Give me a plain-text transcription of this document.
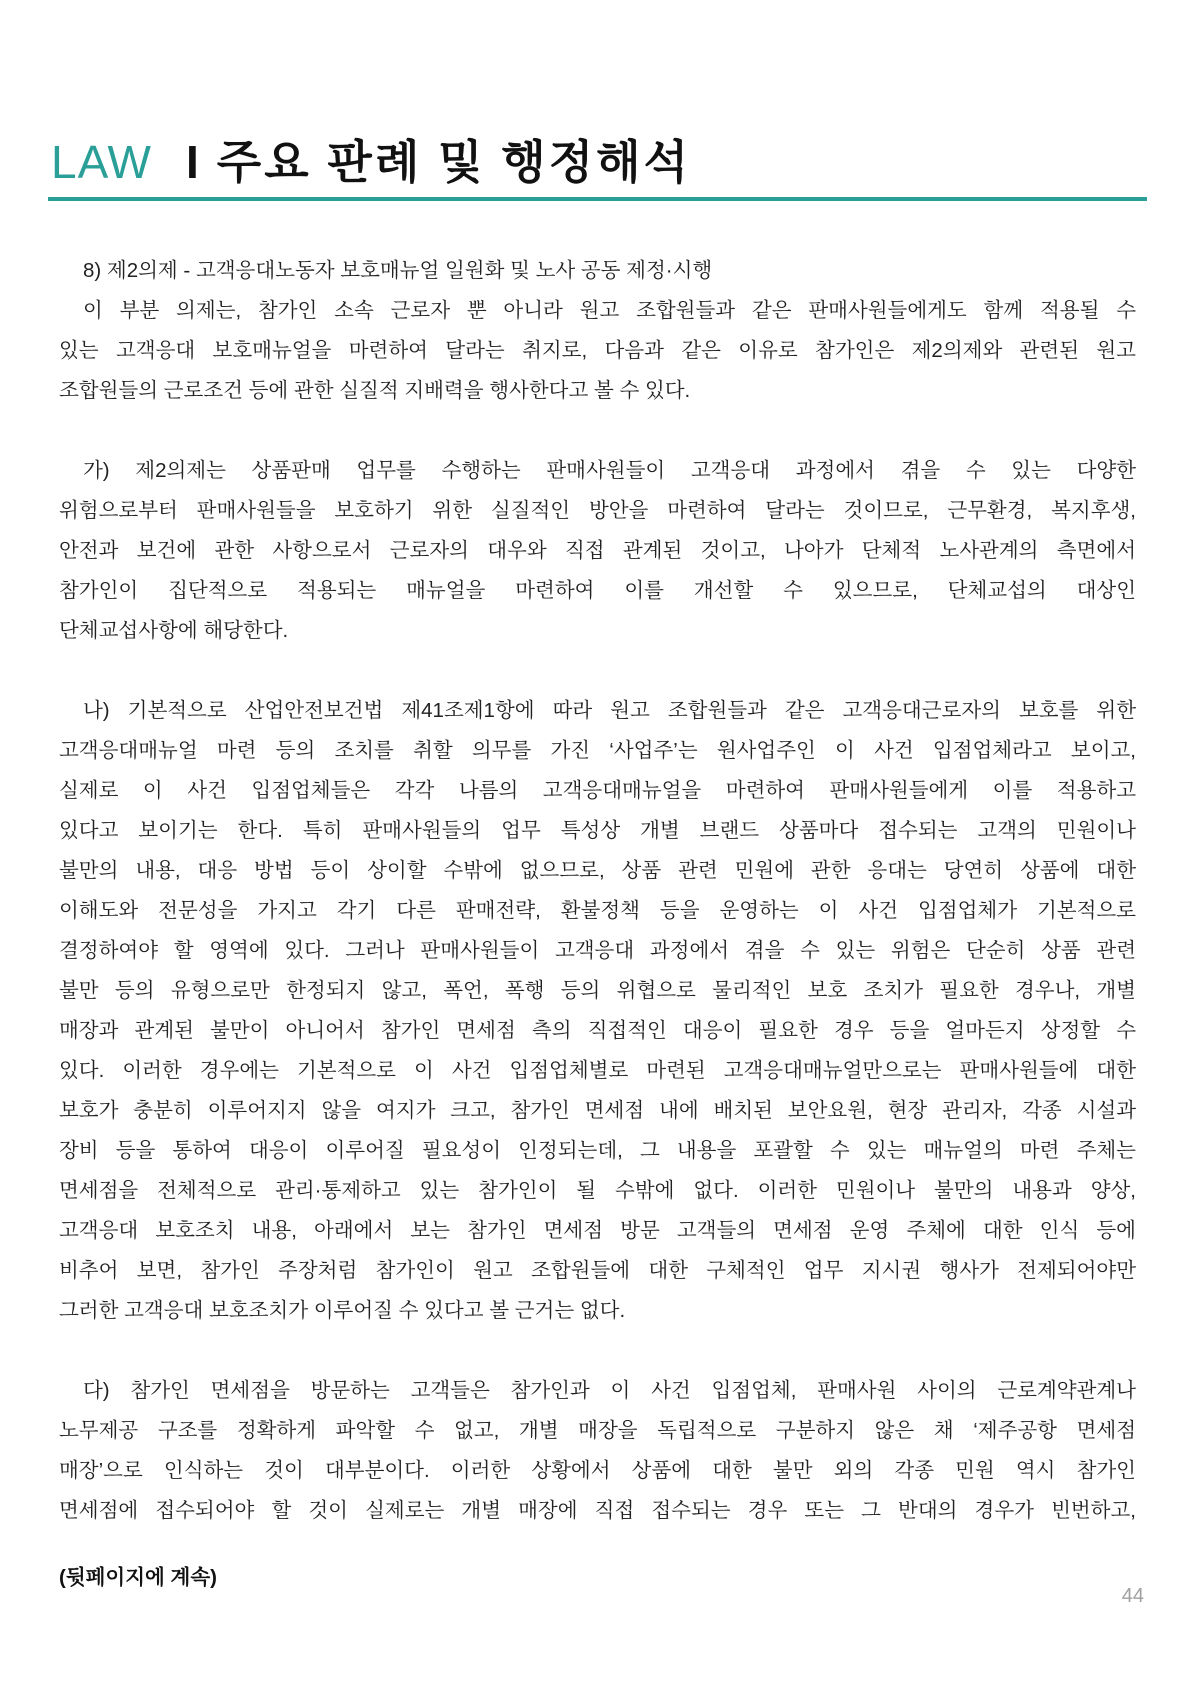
LAW I 주요 판례 및 행정해석
8) 제2의제 - 고객응대노동자 보호매뉴얼 일원화 및 노사 공동 제정·시행
이 부분 의제는, 참가인 소속 근로자 뿐 아니라 원고 조합원들과 같은 판매사원들에게도 함께 적용될 수
있는 고객응대 보호매뉴얼을 마련하여 달라는 취지로, 다음과 같은 이유로 참가인은 제2의제와 관련된 원고
조합원들의 근로조건 등에 관한 실질적 지배력을 행사한다고 볼 수 있다.
가) 제2의제는 상품판매 업무를 수행하는 판매사원들이 고객응대 과정에서 겪을 수 있는 다양한
위험으로부터 판매사원들을 보호하기 위한 실질적인 방안을 마련하여 달라는 것이므로, 근무환경, 복지후생,
안전과 보건에 관한 사항으로서 근로자의 대우와 직접 관계된 것이고, 나아가 단체적 노사관계의 측면에서
참가인이 집단적으로 적용되는 매뉴얼을 마련하여 이를 개선할 수 있으므로, 단체교섭의 대상인
단체교섭사항에 해당한다.
나) 기본적으로 산업안전보건법 제41조제1항에 따라 원고 조합원들과 같은 고객응대근로자의 보호를 위한
고객응대매뉴얼 마련 등의 조치를 취할 의무를 가진 ‘사업주’는 원사업주인 이 사건 입점업체라고 보이고,
실제로 이 사건 입점업체들은 각각 나름의 고객응대매뉴얼을 마련하여 판매사원들에게 이를 적용하고
있다고 보이기는 한다. 특히 판매사원들의 업무 특성상 개별 브랜드 상품마다 접수되는 고객의 민원이나
불만의 내용, 대응 방법 등이 상이할 수밖에 없으므로, 상품 관련 민원에 관한 응대는 당연히 상품에 대한
이해도와 전문성을 가지고 각기 다른 판매전략, 환불정책 등을 운영하는 이 사건 입점업체가 기본적으로
결정하여야 할 영역에 있다. 그러나 판매사원들이 고객응대 과정에서 겪을 수 있는 위험은 단순히 상품 관련
불만 등의 유형으로만 한정되지 않고, 폭언, 폭행 등의 위협으로 물리적인 보호 조치가 필요한 경우나, 개별
매장과 관계된 불만이 아니어서 참가인 면세점 측의 직접적인 대응이 필요한 경우 등을 얼마든지 상정할 수
있다. 이러한 경우에는 기본적으로 이 사건 입점업체별로 마련된 고객응대매뉴얼만으로는 판매사원들에 대한
보호가 충분히 이루어지지 않을 여지가 크고, 참가인 면세점 내에 배치된 보안요원, 현장 관리자, 각종 시설과
장비 등을 통하여 대응이 이루어질 필요성이 인정되는데, 그 내용을 포괄할 수 있는 매뉴얼의 마련 주체는
면세점을 전체적으로 관리·통제하고 있는 참가인이 될 수밖에 없다. 이러한 민원이나 불만의 내용과 양상,
고객응대 보호조치 내용, 아래에서 보는 참가인 면세점 방문 고객들의 면세점 운영 주체에 대한 인식 등에
비추어 보면, 참가인 주장처럼 참가인이 원고 조합원들에 대한 구체적인 업무 지시권 행사가 전제되어야만
그러한 고객응대 보호조치가 이루어질 수 있다고 볼 근거는 없다.
다) 참가인 면세점을 방문하는 고객들은 참가인과 이 사건 입점업체, 판매사원 사이의 근로계약관계나
노무제공 구조를 정확하게 파악할 수 없고, 개별 매장을 독립적으로 구분하지 않은 채 ‘제주공항 면세점
매장’으로 인식하는 것이 대부분이다. 이러한 상황에서 상품에 대한 불만 외의 각종 민원 역시 참가인
면세점에 접수되어야 할 것이 실제로는 개별 매장에 직접 접수되는 경우 또는 그 반대의 경우가 빈번하고,
(뒷페이지에 계속)
44
